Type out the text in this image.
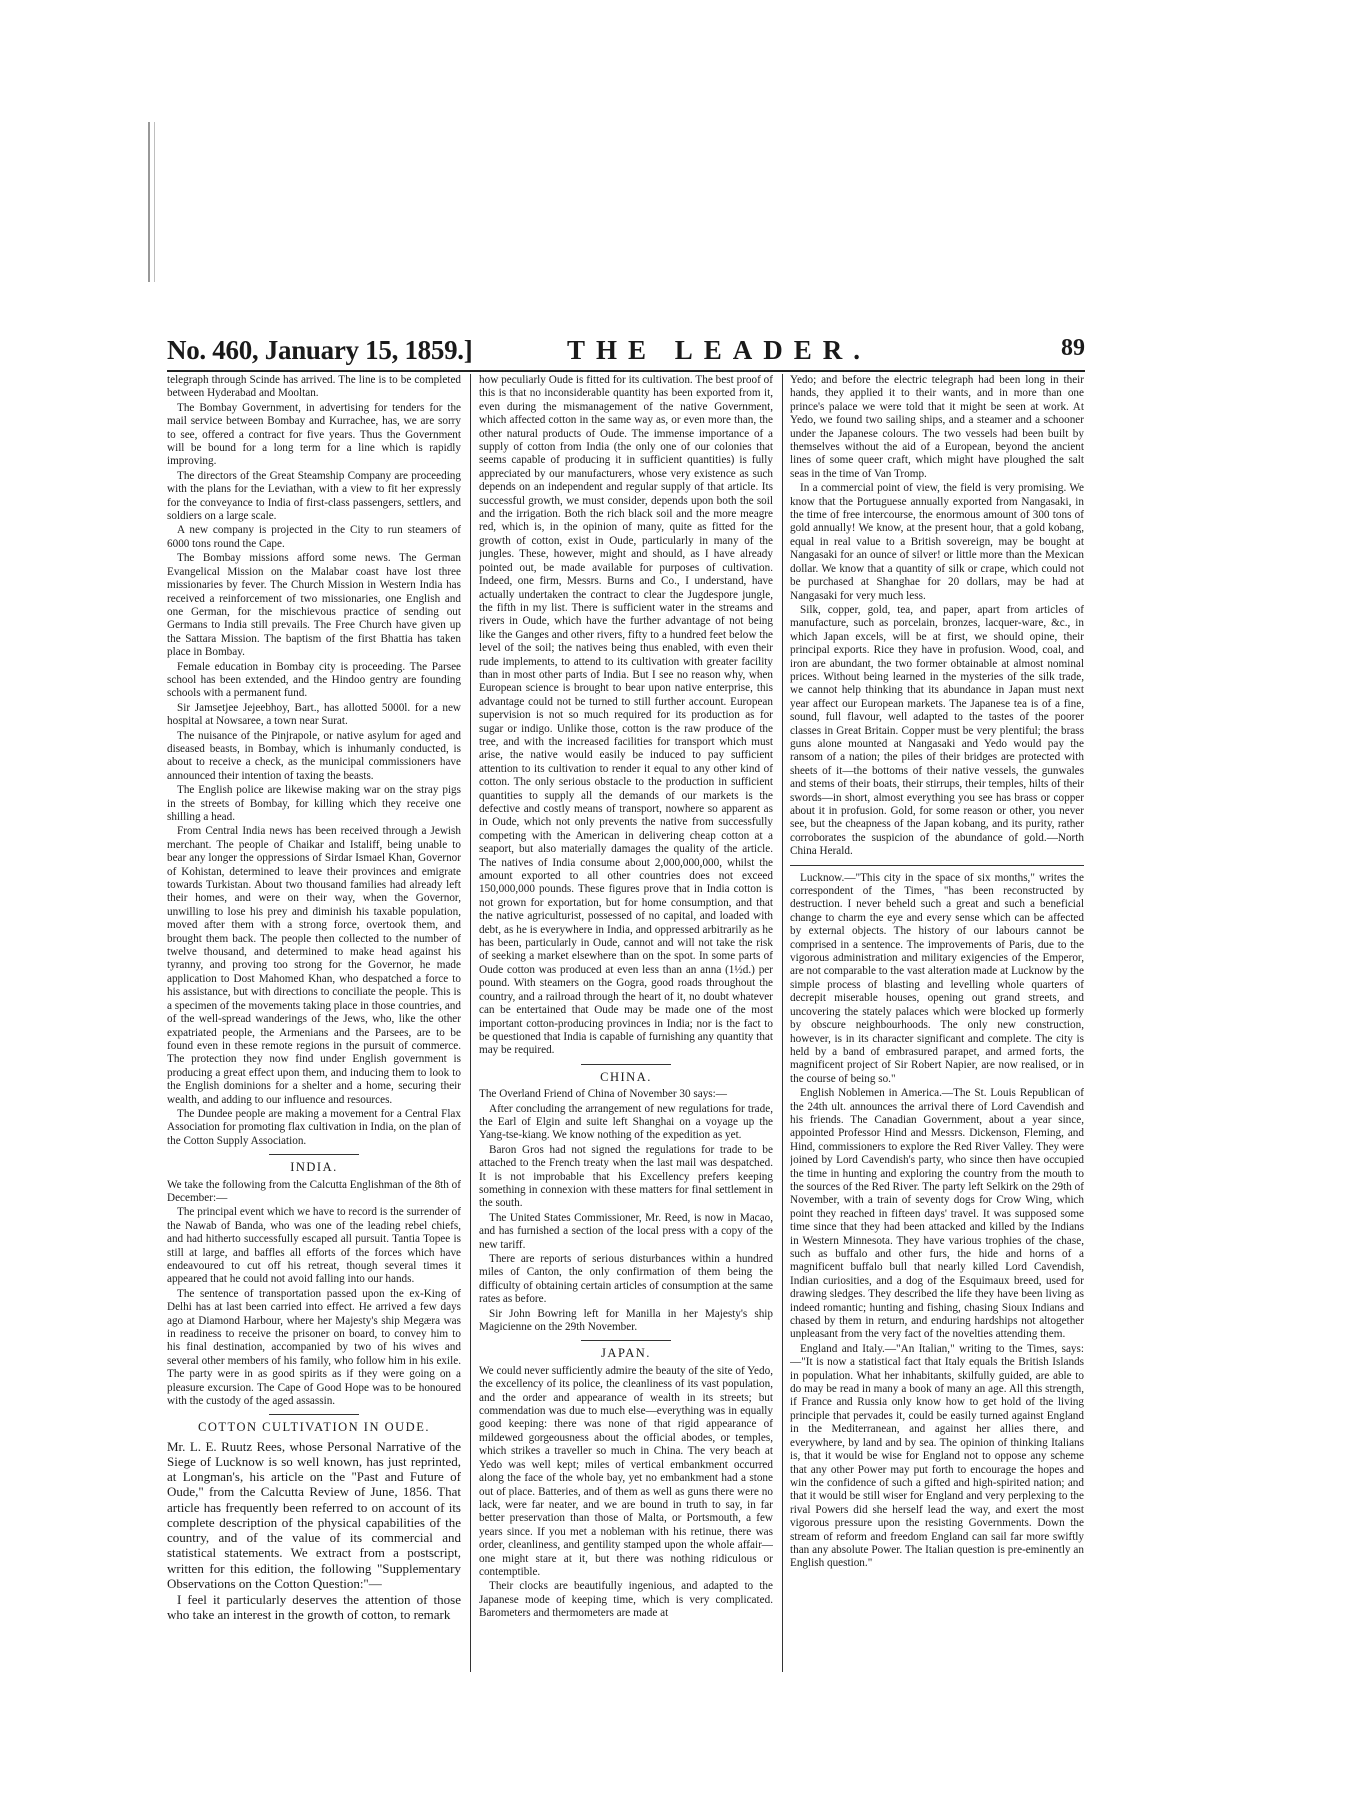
No. 460, January 15, 1859.]	THE LEADER.	89

telegraph through Scinde has arrived. The line is to be completed between Hyderabad and Mooltan.

The Bombay Government, in advertising for tenders for the mail service between Bombay and Kurrachee, has, we are sorry to see, offered a contract for five years. Thus the Government will be bound for a long term for a line which is rapidly improving.

The directors of the Great Steamship Company are proceeding with the plans for the Leviathan, with a view to fit her expressly for the conveyance to India of first-class passengers, settlers, and soldiers on a large scale.

A new company is projected in the City to run steamers of 6000 tons round the Cape.

The Bombay missions afford some news. The German Evangelical Mission on the Malabar coast have lost three missionaries by fever. The Church Mission in Western India has received a reinforcement of two missionaries, one English and one German, for the mischievous practice of sending out Germans to India still prevails. The Free Church have given up the Sattara Mission. The baptism of the first Bhattia has taken place in Bombay.

Female education in Bombay city is proceeding. The Parsee school has been extended, and the Hindoo gentry are founding schools with a permanent fund.

Sir Jamsetjee Jejeebhoy, Bart., has allotted 5000l. for a new hospital at Nowsaree, a town near Surat.

The nuisance of the Pinjrapole, or native asylum for aged and diseased beasts, in Bombay, which is inhumanly conducted, is about to receive a check, as the municipal commissioners have announced their intention of taxing the beasts.

The English police are likewise making war on the stray pigs in the streets of Bombay, for killing which they receive one shilling a head.

From Central India news has been received through a Jewish merchant. The people of Chaikar and Istaliff, being unable to bear any longer the oppressions of Sirdar Ismael Khan, Governor of Kohistan, determined to leave their provinces and emigrate towards Turkistan. About two thousand families had already left their homes, and were on their way, when the Governor, unwilling to lose his prey and diminish his taxable population, moved after them with a strong force, overtook them, and brought them back. The people then collected to the number of twelve thousand, and determined to make head against his tyranny, and proving too strong for the Governor, he made application to Dost Mahomed Khan, who despatched a force to his assistance, but with directions to conciliate the people. This is a specimen of the movements taking place in those countries, and of the well-spread wanderings of the Jews, who, like the other expatriated people, the Armenians and the Parsees, are to be found even in these remote regions in the pursuit of commerce. The protection they now find under English government is producing a great effect upon them, and inducing them to look to the English dominions for a shelter and a home, securing their wealth, and adding to our influence and resources.

The Dundee people are making a movement for a Central Flax Association for promoting flax cultivation in India, on the plan of the Cotton Supply Association.

INDIA.

We take the following from the Calcutta Englishman of the 8th of December:—

The principal event which we have to record is the surrender of the Nawab of Banda, who was one of the leading rebel chiefs, and had hitherto successfully escaped all pursuit. Tantia Topee is still at large, and baffles all efforts of the forces which have endeavoured to cut off his retreat, though several times it appeared that he could not avoid falling into our hands.

The sentence of transportation passed upon the ex-King of Delhi has at last been carried into effect. He arrived a few days ago at Diamond Harbour, where her Majesty's ship Megæra was in readiness to receive the prisoner on board, to convey him to his final destination, accompanied by two of his wives and several other members of his family, who follow him in his exile. The party were in as good spirits as if they were going on a pleasure excursion. The Cape of Good Hope was to be honoured with the custody of the aged assassin.

COTTON CULTIVATION IN OUDE.

Mr. L. E. Ruutz Rees, whose Personal Narrative of the Siege of Lucknow is so well known, has just reprinted, at Longman's, his article on the "Past and Future of Oude," from the Calcutta Review of June, 1856. That article has frequently been referred to on account of its complete description of the physical capabilities of the country, and of the value of its commercial and statistical statements. We extract from a postscript, written for this edition, the following "Supplementary Observations on the Cotton Question:"—

I feel it particularly deserves the attention of those who take an interest in the growth of cotton, to remark

how peculiarly Oude is fitted for its cultivation. The best proof of this is that no inconsiderable quantity has been exported from it, even during the mismanagement of the native Government, which affected cotton in the same way as, or even more than, the other natural products of Oude. The immense importance of a supply of cotton from India (the only one of our colonies that seems capable of producing it in sufficient quantities) is fully appreciated by our manufacturers, whose very existence as such depends on an independent and regular supply of that article. Its successful growth, we must consider, depends upon both the soil and the irrigation. Both the rich black soil and the more meagre red, which is, in the opinion of many, quite as fitted for the growth of cotton, exist in Oude, particularly in many of the jungles. These, however, might and should, as I have already pointed out, be made available for purposes of cultivation. Indeed, one firm, Messrs. Burns and Co., I understand, have actually undertaken the contract to clear the Jugdespore jungle, the fifth in my list. There is sufficient water in the streams and rivers in Oude, which have the further advantage of not being like the Ganges and other rivers, fifty to a hundred feet below the level of the soil; the natives being thus enabled, with even their rude implements, to attend to its cultivation with greater facility than in most other parts of India. But I see no reason why, when European science is brought to bear upon native enterprise, this advantage could not be turned to still further account. European supervision is not so much required for its production as for sugar or indigo. Unlike those, cotton is the raw produce of the tree, and with the increased facilities for transport which must arise, the native would easily be induced to pay sufficient attention to its cultivation to render it equal to any other kind of cotton. The only serious obstacle to the production in sufficient quantities to supply all the demands of our markets is the defective and costly means of transport, nowhere so apparent as in Oude, which not only prevents the native from successfully competing with the American in delivering cheap cotton at a seaport, but also materially damages the quality of the article. The natives of India consume about 2,000,000,000, whilst the amount exported to all other countries does not exceed 150,000,000 pounds. These figures prove that in India cotton is not grown for exportation, but for home consumption, and that the native agriculturist, possessed of no capital, and loaded with debt, as he is everywhere in India, and oppressed arbitrarily as he has been, particularly in Oude, cannot and will not take the risk of seeking a market elsewhere than on the spot. In some parts of Oude cotton was produced at even less than an anna (1½d.) per pound. With steamers on the Gogra, good roads throughout the country, and a railroad through the heart of it, no doubt whatever can be entertained that Oude may be made one of the most important cotton-producing provinces in India; nor is the fact to be questioned that India is capable of furnishing any quantity that may be required.

CHINA.

The Overland Friend of China of November 30 says:—

After concluding the arrangement of new regulations for trade, the Earl of Elgin and suite left Shanghai on a voyage up the Yang-tse-kiang. We know nothing of the expedition as yet.

Baron Gros had not signed the regulations for trade to be attached to the French treaty when the last mail was despatched. It is not improbable that his Excellency prefers keeping something in connexion with these matters for final settlement in the south.

The United States Commissioner, Mr. Reed, is now in Macao, and has furnished a section of the local press with a copy of the new tariff.

There are reports of serious disturbances within a hundred miles of Canton, the only confirmation of them being the difficulty of obtaining certain articles of consumption at the same rates as before.

Sir John Bowring left for Manilla in her Majesty's ship Magicienne on the 29th November.

JAPAN.

We could never sufficiently admire the beauty of the site of Yedo, the excellency of its police, the cleanliness of its vast population, and the order and appearance of wealth in its streets; but commendation was due to much else—everything was in equally good keeping: there was none of that rigid appearance of mildewed gorgeousness about the official abodes, or temples, which strikes a traveller so much in China. The very beach at Yedo was well kept; miles of vertical embankment occurred along the face of the whole bay, yet no embankment had a stone out of place. Batteries, and of them as well as guns there were no lack, were far neater, and we are bound in truth to say, in far better preservation than those of Malta, or Portsmouth, a few years since. If you met a nobleman with his retinue, there was order, cleanliness, and gentility stamped upon the whole affair—one might stare at it, but there was nothing ridiculous or contemptible.

Their clocks are beautifully ingenious, and adapted to the Japanese mode of keeping time, which is very complicated. Barometers and thermometers are made at

Yedo; and before the electric telegraph had been long in their hands, they applied it to their wants, and in more than one prince's palace we were told that it might be seen at work. At Yedo, we found two sailing ships, and a steamer and a schooner under the Japanese colours. The two vessels had been built by themselves without the aid of a European, beyond the ancient lines of some queer craft, which might have ploughed the salt seas in the time of Van Tromp.

In a commercial point of view, the field is very promising. We know that the Portuguese annually exported from Nangasaki, in the time of free intercourse, the enormous amount of 300 tons of gold annually! We know, at the present hour, that a gold kobang, equal in real value to a British sovereign, may be bought at Nangasaki for an ounce of silver! or little more than the Mexican dollar. We know that a quantity of silk or crape, which could not be purchased at Shanghae for 20 dollars, may be had at Nangasaki for very much less.

Silk, copper, gold, tea, and paper, apart from articles of manufacture, such as porcelain, bronzes, lacquer-ware, &c., in which Japan excels, will be at first, we should opine, their principal exports. Rice they have in profusion. Wood, coal, and iron are abundant, the two former obtainable at almost nominal prices. Without being learned in the mysteries of the silk trade, we cannot help thinking that its abundance in Japan must next year affect our European markets. The Japanese tea is of a fine, sound, full flavour, well adapted to the tastes of the poorer classes in Great Britain. Copper must be very plentiful; the brass guns alone mounted at Nangasaki and Yedo would pay the ransom of a nation; the piles of their bridges are protected with sheets of it—the bottoms of their native vessels, the gunwales and stems of their boats, their stirrups, their temples, hilts of their swords—in short, almost everything you see has brass or copper about it in profusion. Gold, for some reason or other, you never see, but the cheapness of the Japan kobang, and its purity, rather corroborates the suspicion of the abundance of gold.—North China Herald.

Lucknow.—"This city in the space of six months," writes the correspondent of the Times, "has been reconstructed by destruction. I never beheld such a great and such a beneficial change to charm the eye and every sense which can be affected by external objects. The history of our labours cannot be comprised in a sentence. The improvements of Paris, due to the vigorous administration and military exigencies of the Emperor, are not comparable to the vast alteration made at Lucknow by the simple process of blasting and levelling whole quarters of decrepit miserable houses, opening out grand streets, and uncovering the stately palaces which were blocked up formerly by obscure neighbourhoods. The only new construction, however, is in its character significant and complete. The city is held by a band of embrasured parapet, and armed forts, the magnificent project of Sir Robert Napier, are now realised, or in the course of being so."

English Noblemen in America.—The St. Louis Republican of the 24th ult. announces the arrival there of Lord Cavendish and his friends. The Canadian Government, about a year since, appointed Professor Hind and Messrs. Dickenson, Fleming, and Hind, commissioners to explore the Red River Valley. They were joined by Lord Cavendish's party, who since then have occupied the time in hunting and exploring the country from the mouth to the sources of the Red River. The party left Selkirk on the 29th of November, with a train of seventy dogs for Crow Wing, which point they reached in fifteen days' travel. It was supposed some time since that they had been attacked and killed by the Indians in Western Minnesota. They have various trophies of the chase, such as buffalo and other furs, the hide and horns of a magnificent buffalo bull that nearly killed Lord Cavendish, Indian curiosities, and a dog of the Esquimaux breed, used for drawing sledges. They described the life they have been living as indeed romantic; hunting and fishing, chasing Sioux Indians and chased by them in return, and enduring hardships not altogether unpleasant from the very fact of the novelties attending them.

England and Italy.—"An Italian," writing to the Times, says:—"It is now a statistical fact that Italy equals the British Islands in population. What her inhabitants, skilfully guided, are able to do may be read in many a book of many an age. All this strength, if France and Russia only know how to get hold of the living principle that pervades it, could be easily turned against England in the Mediterranean, and against her allies there, and everywhere, by land and by sea. The opinion of thinking Italians is, that it would be wise for England not to oppose any scheme that any other Power may put forth to encourage the hopes and win the confidence of such a gifted and high-spirited nation; and that it would be still wiser for England and very perplexing to the rival Powers did she herself lead the way, and exert the most vigorous pressure upon the resisting Governments. Down the stream of reform and freedom England can sail far more swiftly than any absolute Power. The Italian question is pre-eminently an English question."
